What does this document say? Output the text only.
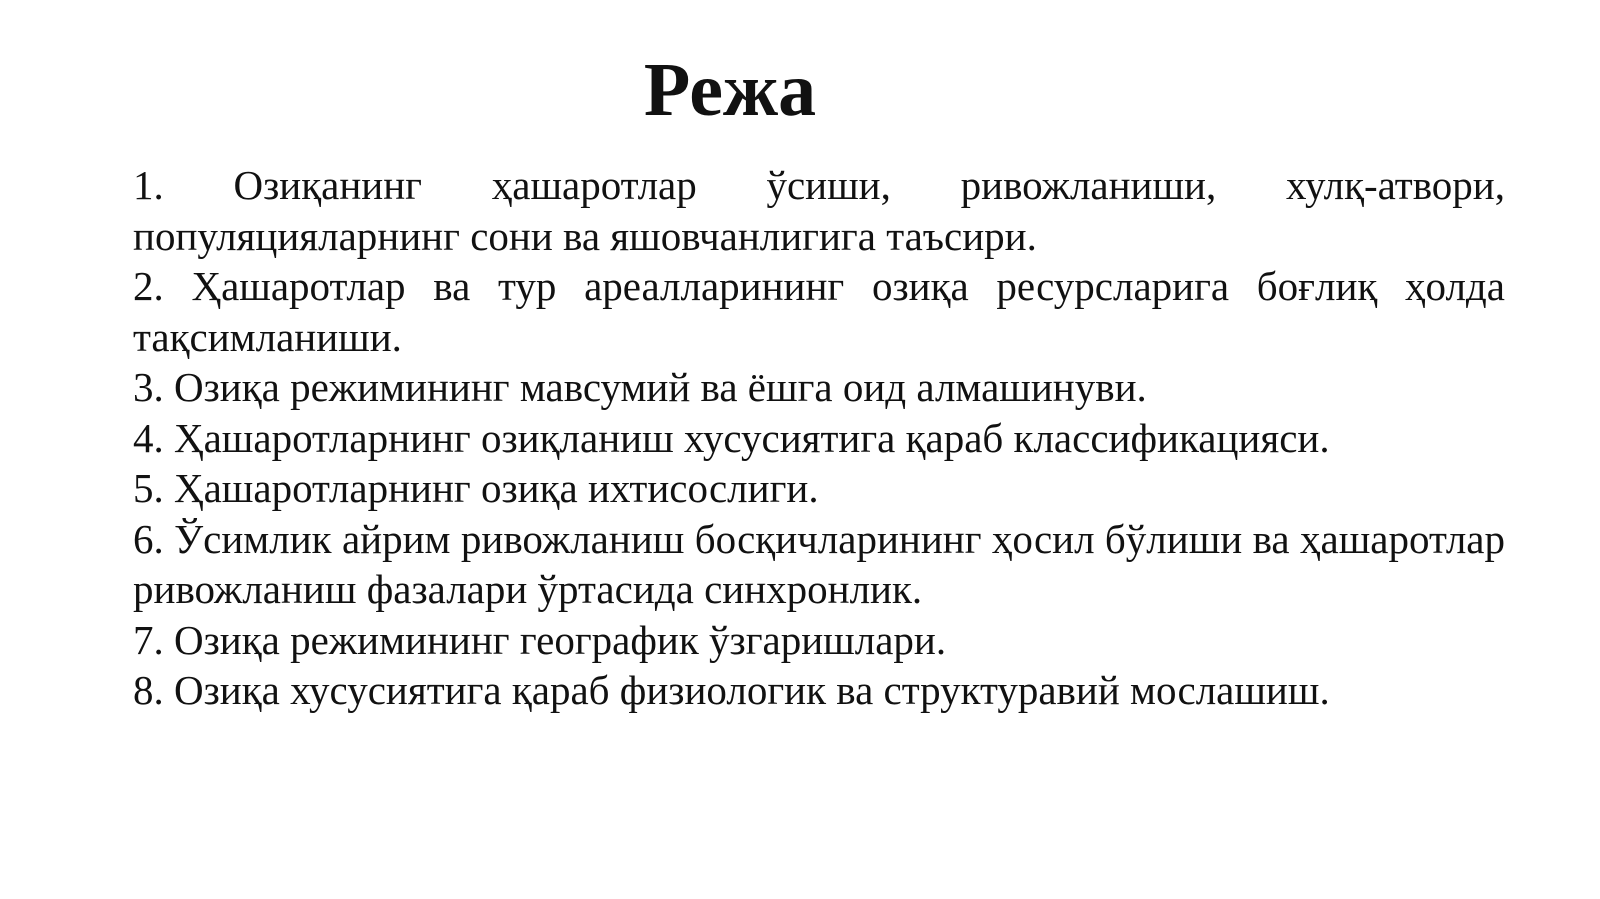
Режа
1. Озиқанинг ҳашаротлар ўсиши, ривожланиши, хулқ-атвори, популяцияларнинг сони ва яшовчанлигига таъсири.
2. Ҳашаротлар ва тур ареалларининг озиқа ресурсларига боғлиқ ҳолда тақсимланиши.
3. Озиқа режимининг мавсумий ва ёшга оид алмашинуви.
4. Ҳашаротларнинг озиқланиш хусусиятига қараб классификацияси.
5. Ҳашаротларнинг озиқа ихтисослиги.
6. Ўсимлик айрим ривожланиш босқичларининг ҳосил бўлиши ва ҳашаротлар ривожланиш фазалари ўртасида синхронлик.
7. Озиқа режимининг географик ўзгаришлари.
8. Озиқа хусусиятига қараб физиологик ва структуравий мослашиш.
